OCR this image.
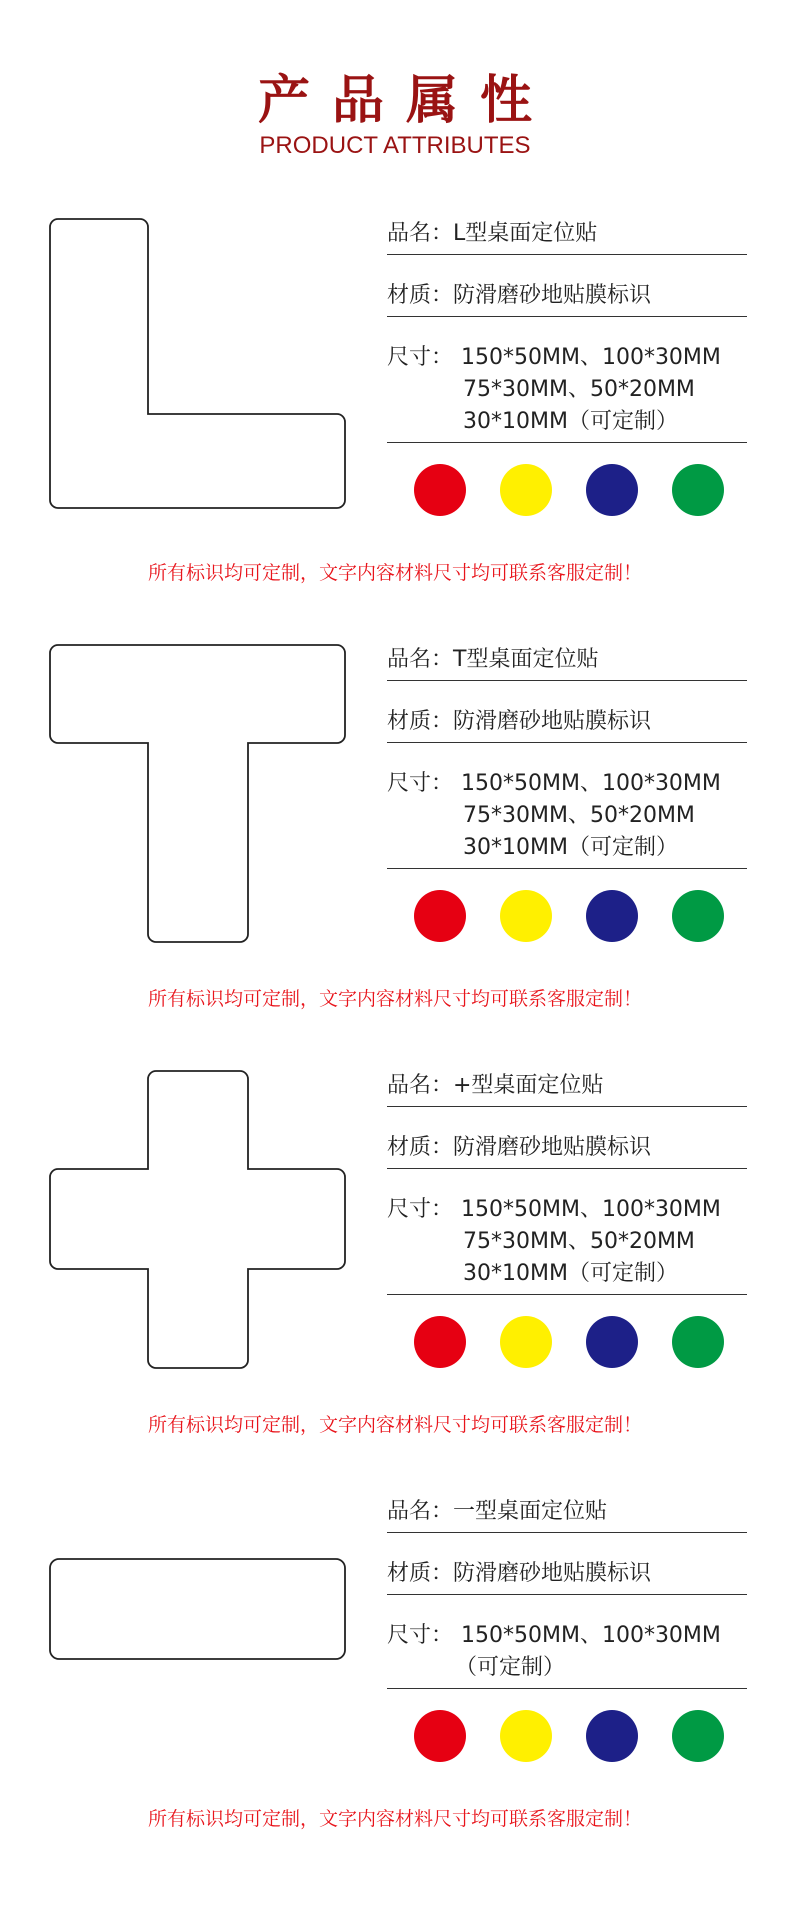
产品属性
PRODUCT ATTRIBUTES
品名：L型桌面定位贴
材质：防滑磨砂地贴膜标识
尺寸： 150*50MM、100*30MM
75*30MM、50*20MM
30*10MM（可定制）
所有标识均可定制，文字内容材料尺寸均可联系客服定制！
品名：T型桌面定位贴
材质：防滑磨砂地贴膜标识
尺寸： 150*50MM、100*30MM
75*30MM、50*20MM
30*10MM（可定制）
所有标识均可定制，文字内容材料尺寸均可联系客服定制！
品名：+型桌面定位贴
材质：防滑磨砂地贴膜标识
尺寸： 150*50MM、100*30MM
75*30MM、50*20MM
30*10MM（可定制）
所有标识均可定制，文字内容材料尺寸均可联系客服定制！
品名：一型桌面定位贴
材质：防滑磨砂地贴膜标识
尺寸： 150*50MM、100*30MM
（可定制）
所有标识均可定制，文字内容材料尺寸均可联系客服定制！
